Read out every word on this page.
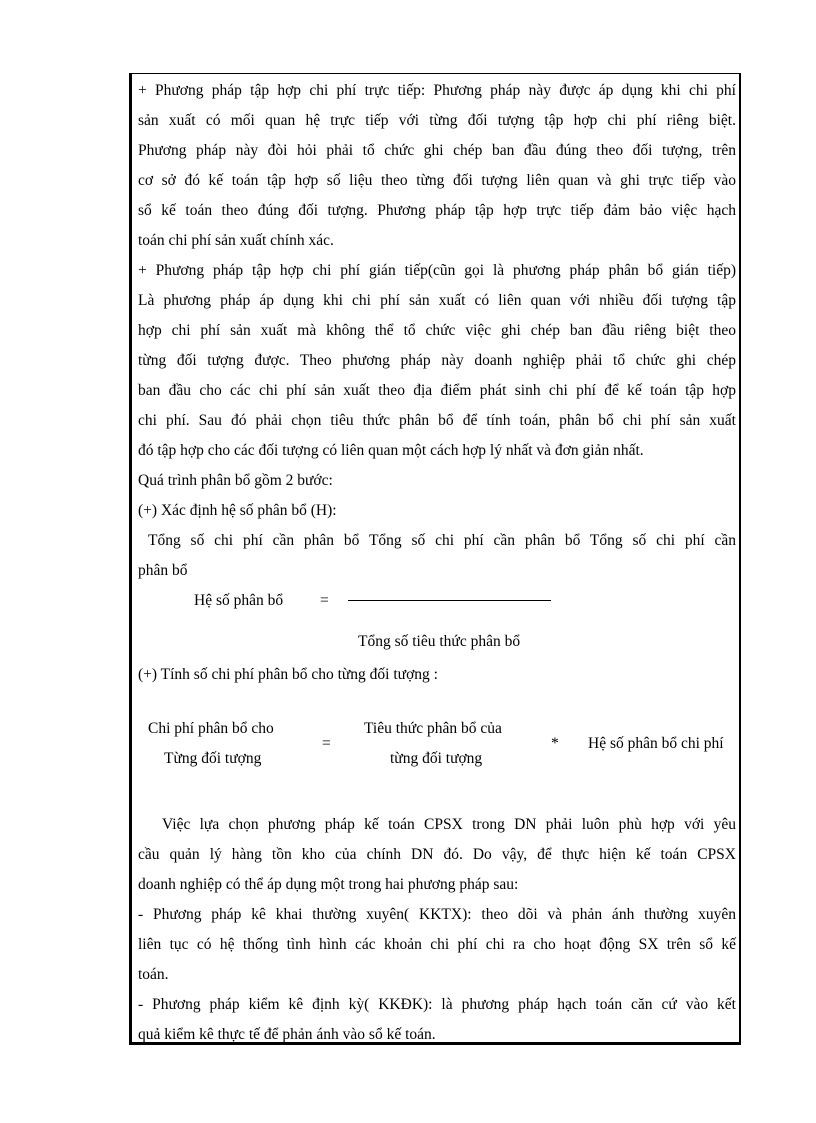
+ Phương pháp tập hợp chi phí trực tiếp: Phương pháp này được áp dụng khi chi phí

sản xuất có mối quan hệ trực tiếp với từng đối tượng tập hợp chi phí riêng biệt.

Phương pháp này đòi hỏi phải tổ chức ghi chép ban đầu đúng theo đối tượng, trên

cơ sở đó kế toán tập hợp số liệu theo từng đối tượng liên quan và ghi trực tiếp vào

sổ kế toán theo đúng đối tượng. Phương pháp tập hợp trực tiếp đảm bảo việc hạch

toán chi phí sản xuất chính xác.

+ Phương pháp tập hợp chi phí gián tiếp(cũn gọi là phương pháp phân bổ gián tiếp)

Là phương pháp áp dụng khi chi phí sản xuất có liên quan với nhiều đối tượng tập

hợp chi phí sản xuất mà không thể tổ chức việc ghi chép ban đầu riêng biệt theo

từng đối tượng được. Theo phương pháp này doanh nghiệp phải tổ chức ghi chép

ban đầu cho các chi phí sản xuất theo địa điểm phát sinh chi phí để kế toán tập hợp

chi phí. Sau đó phải chọn tiêu thức phân bổ để tính toán, phân bổ chi phí sản xuất

đó tập hợp cho các đối tượng có liên quan một cách hợp lý nhất và đơn giản nhất.

Quá trình phân bổ gồm 2 bước:

(+) Xác định hệ số phân bổ (H):

Tổng số chi phí cần phân bổ Tổng số chi phí cần phân bổ Tổng số chi phí cần

phân bổ

Hệ số phân bổ =
Tổng số tiêu thức phân bổ

(+) Tính số chi phí phân bổ cho từng đối tượng :

Chi phí phân bổ cho
Từng đối tượng
=
Tiêu thức phân bổ của
từng đối tượng
* Hệ số phân bổ chi phí

Việc lựa chọn phương pháp kế toán CPSX trong DN phải luôn phù hợp với yêu

cầu quản lý hàng tồn kho của chính DN đó. Do vậy, để thực hiện kế toán CPSX

doanh nghiệp có thể áp dụng một trong hai phương pháp sau:

- Phương pháp kê khai thường xuyên( KKTX): theo dõi và phản ánh thường xuyên

liên tục có hệ thống tình hình các khoản chi phí chi ra cho hoạt động SX trên sổ kế

toán.

- Phương pháp kiểm kê định kỳ( KKĐK): là phương pháp hạch toán căn cứ vào kết

quả kiểm kê thực tế để phản ánh vào sổ kế toán.
